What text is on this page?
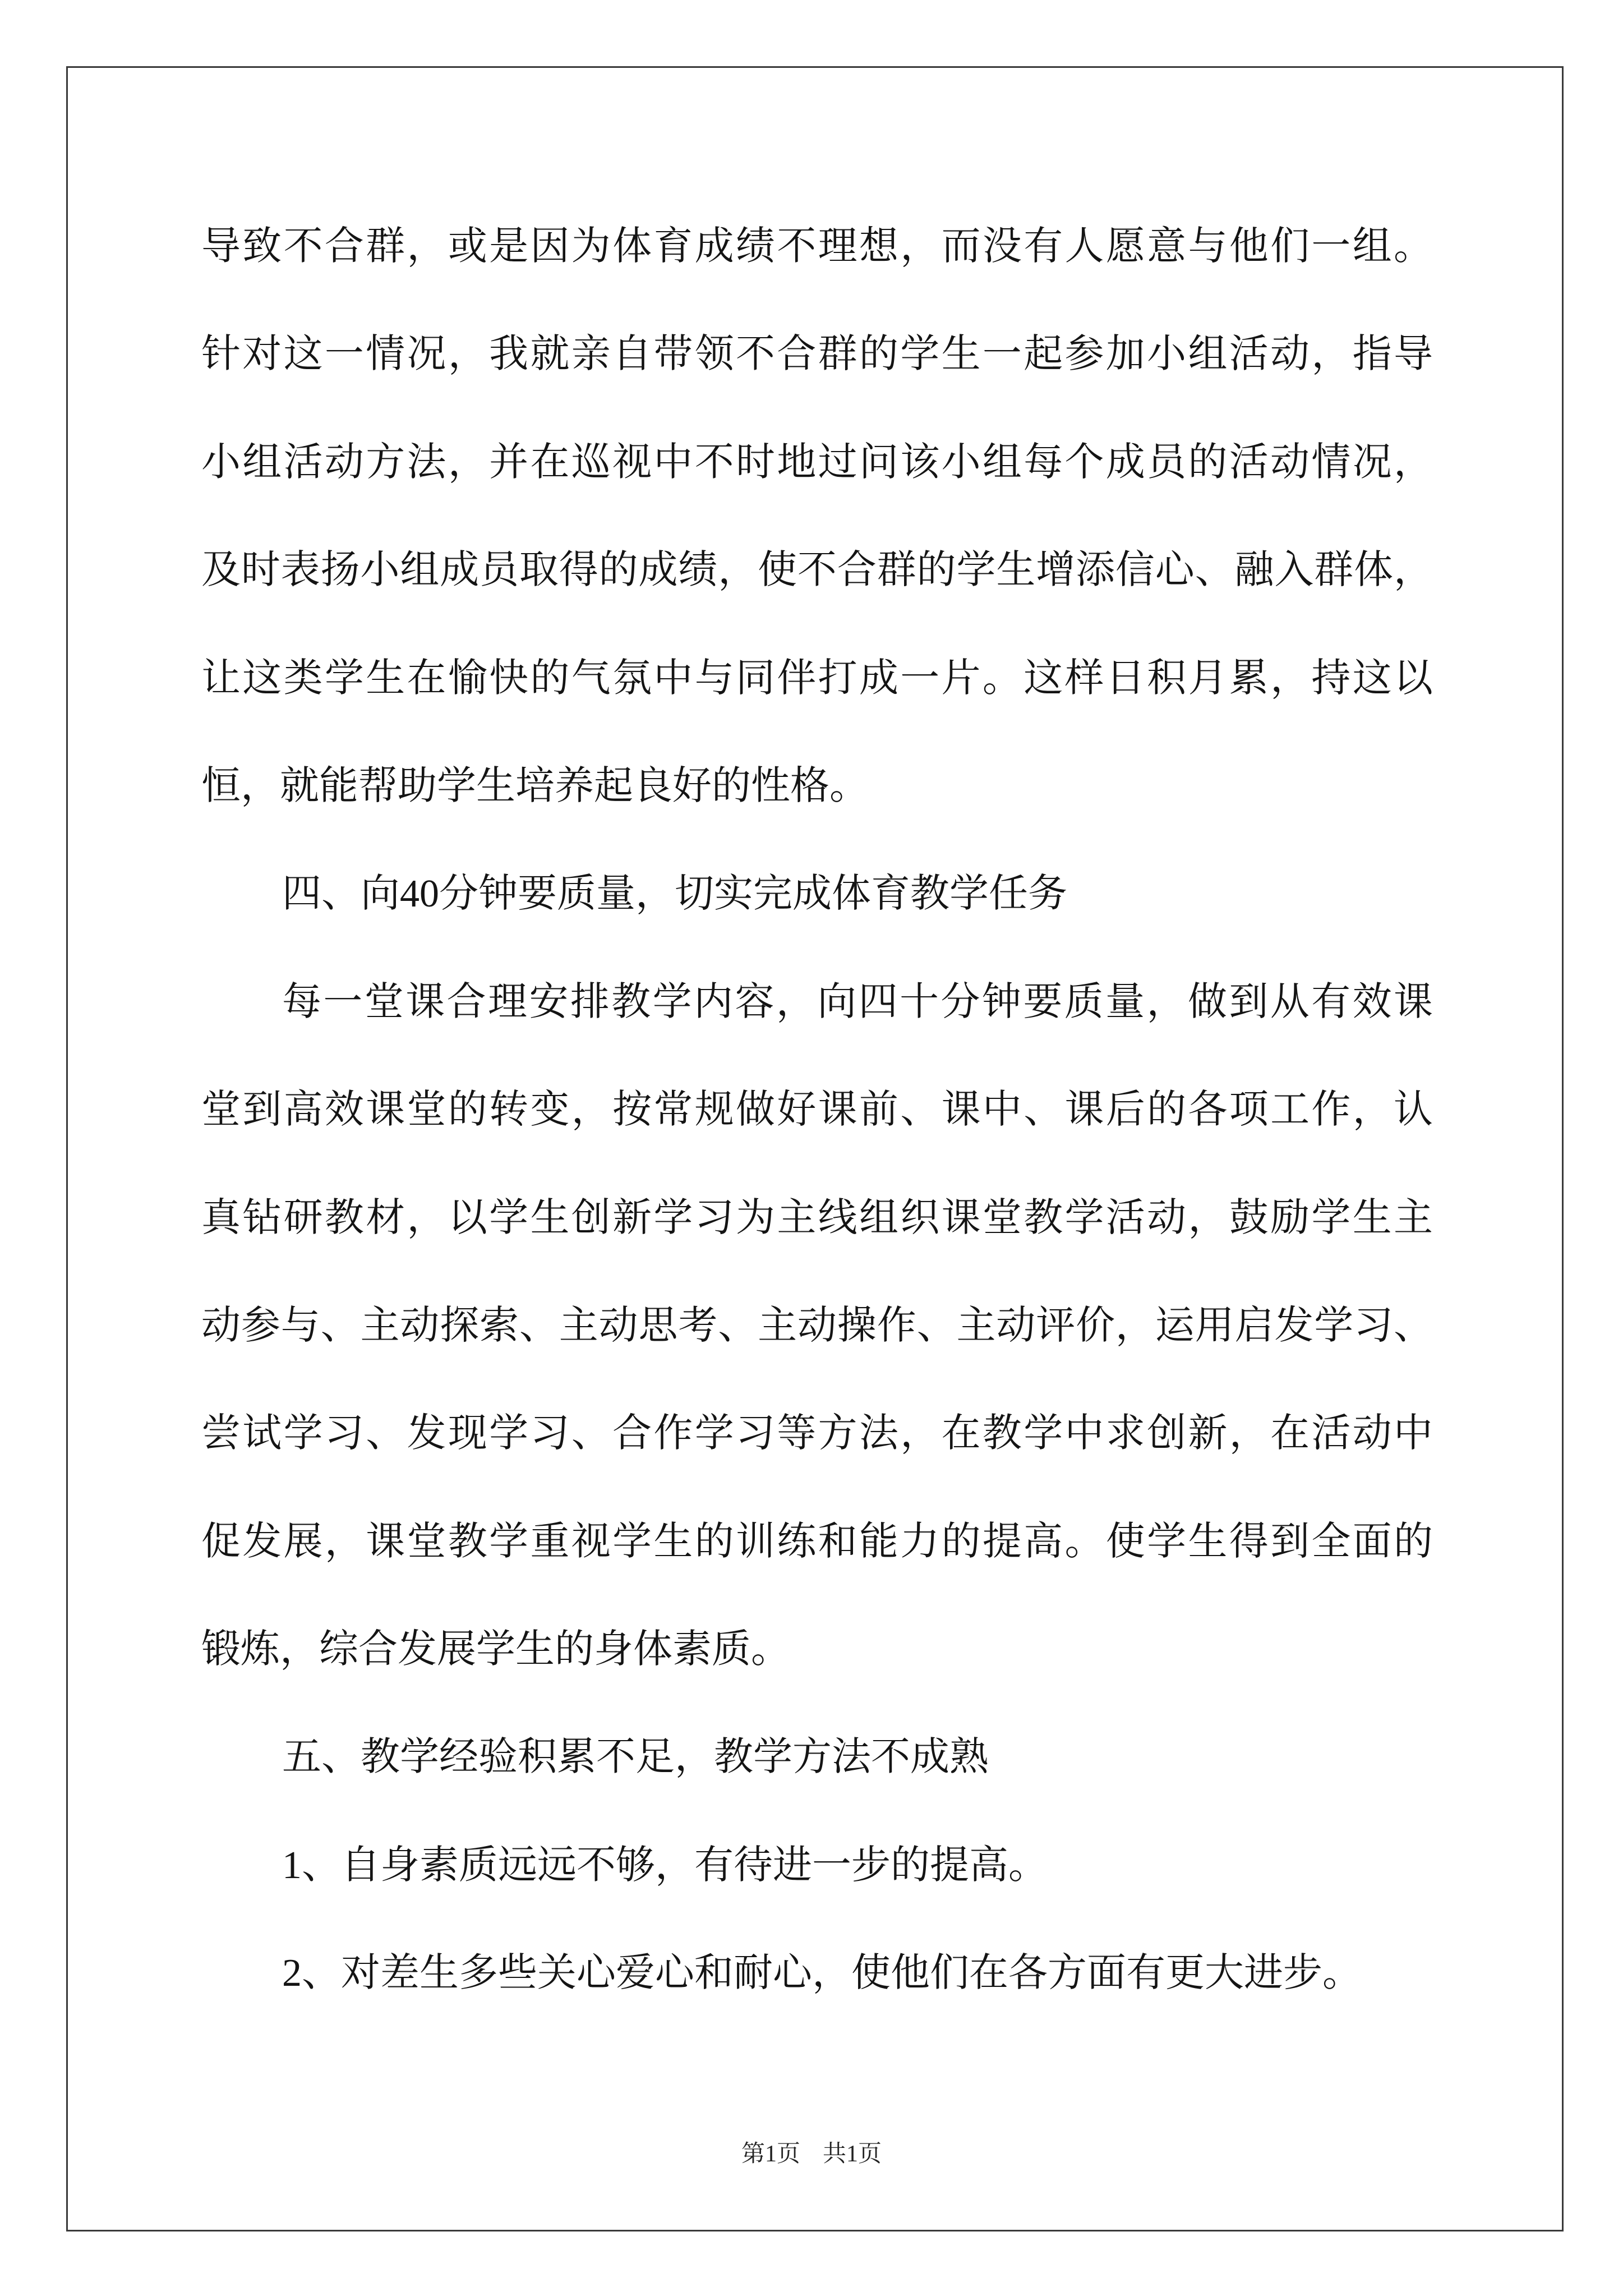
导致不合群，或是因为体育成绩不理想，而没有人愿意与他们一组。
针对这一情况，我就亲自带领不合群的学生一起参加小组活动，指导
小组活动方法，并在巡视中不时地过问该小组每个成员的活动情况，
及时表扬小组成员取得的成绩，使不合群的学生增添信心、融入群体，
让这类学生在愉快的气氛中与同伴打成一片。这样日积月累，持这以
恒，就能帮助学生培养起良好的性格。
四、向40分钟要质量，切实完成体育教学任务
每一堂课合理安排教学内容，向四十分钟要质量，做到从有效课
堂到高效课堂的转变，按常规做好课前、课中、课后的各项工作，认
真钻研教材，以学生创新学习为主线组织课堂教学活动，鼓励学生主
动参与、主动探索、主动思考、主动操作、主动评价，运用启发学习、
尝试学习、发现学习、合作学习等方法，在教学中求创新，在活动中
促发展，课堂教学重视学生的训练和能力的提高。使学生得到全面的
锻炼，综合发展学生的身体素质。
五、教学经验积累不足，教学方法不成熟
1、自身素质远远不够，有待进一步的提高。
2、对差生多些关心爱心和耐心，使他们在各方面有更大进步。
第1页 共1页
